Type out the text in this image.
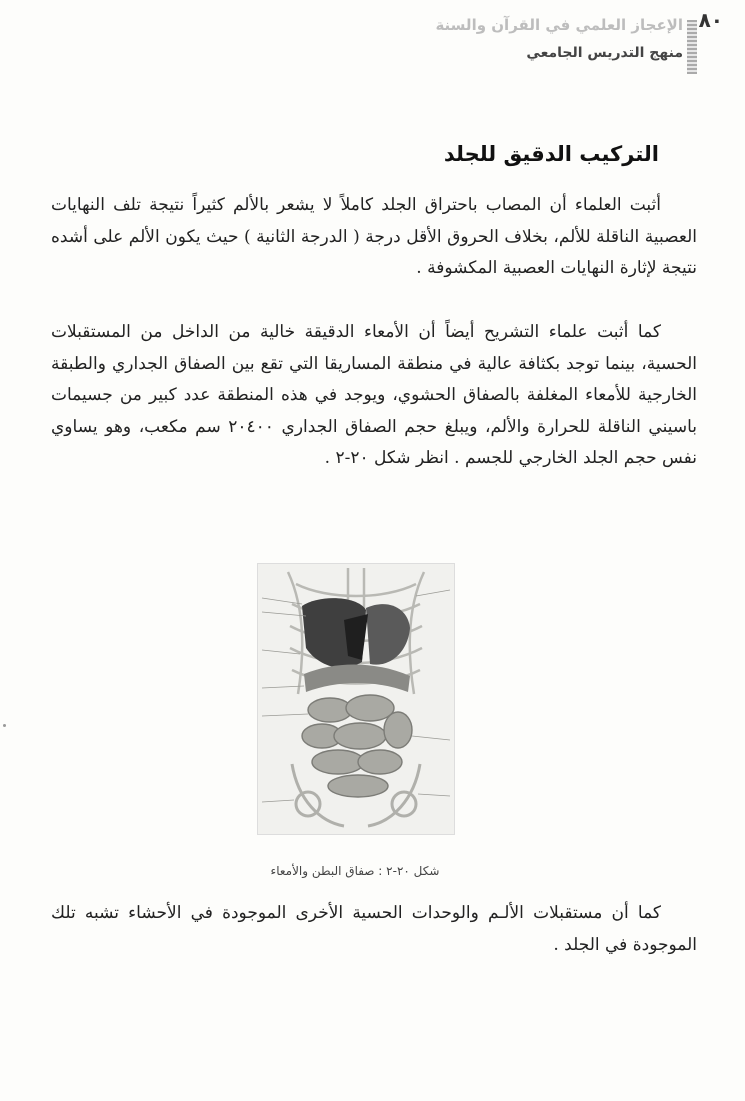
٨٠
الإعجاز العلمي في القرآن والسنة
منهج التدريس الجامعي
التركيب الدقيق للجلد

أثبت العلماء أن المصاب باحتراق الجلد كاملاً لا يشعر بالألم كثيراً نتيجة تلف النهايات العصبية الناقلة للألم، بخلاف الحروق الأقل درجة ( الدرجة الثانية ) حيث يكون الألم على أشده نتيجة لإثارة النهايات العصبية المكشوفة .

كما أثبت علماء التشريح أيضاً أن الأمعاء الدقيقة خالية من الداخل من المستقبلات الحسية، بينما توجد بكثافة عالية في منطقة المساريقا التي تقع بين الصفاق الجداري والطبقة الخارجية للأمعاء المغلفة بالصفاق الحشوي، ويوجد في هذه المنطقة عدد كبير من جسيمات باسيني الناقلة للحرارة والألم، ويبلغ حجم الصفاق الجداري ٢٠٤٠٠ سم مكعب، وهو يساوي نفس حجم الجلد الخارجي للجسم . انظر شكل ٢٠-٢ .

شكل ٢٠-٢ : صفاق البطن والأمعاء

كما أن مستقبلات الألـم والوحدات الحسية الأخرى الموجودة في الأحشاء تشبه تلك الموجودة في الجلد .
